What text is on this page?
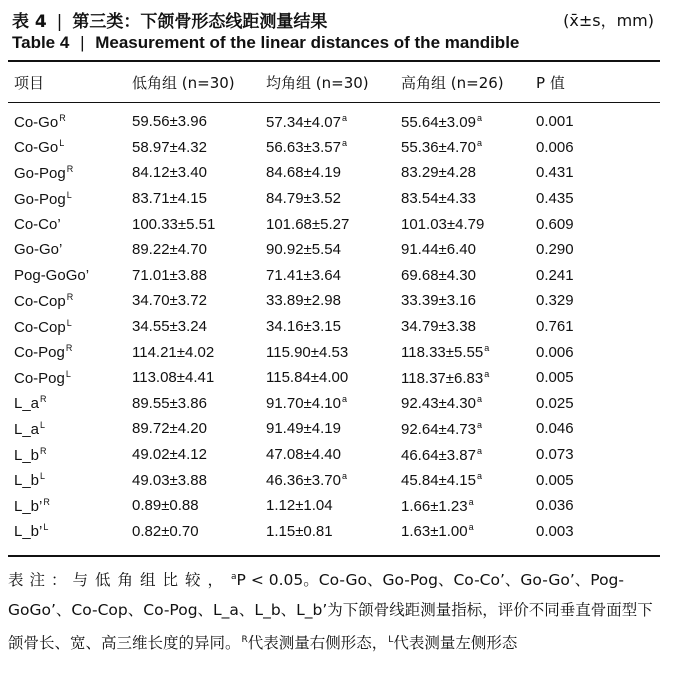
表 4 | 第三类：下颌骨形态线距测量结果	(x̄±s，mm)
Table 4 | Measurement of the linear distances of the mandible
项目	低角组 (n=30)	均角组 (n=30)	高角组 (n=26)	P 值
$Co-Go^R$	59.56±3.96	57.34±4.07$^a$	55.64±3.09$^a$	0.001
$Co-Go^L$	58.97±4.32	56.63±3.57$^a$	55.36±4.70$^a$	0.006
Go-Pog$^R$	84.12±3.40	84.68±4.19	83.29±4.28	0.431
Go-Pog$^L$	83.71±4.15	84.79±3.52	83.54±4.33	0.435
Co-Co’	100.33±5.51	101.68±5.27	101.03±4.79	0.609
Go-Go’	89.22±4.70	90.92±5.54	91.44±6.40	0.290
Pog-GoGo’	71.01±3.88	71.41±3.64	69.68±4.30	0.241
Co-Cop$^R$	34.70±3.72	33.89±2.98	33.39±3.16	0.329
Co-Cop$^L$	34.55±3.24	34.16±3.15	34.79±3.38	0.761
Co-Pog$^R$	114.21±4.02	115.90±4.53	118.33±5.55$^a$	0.006
Co-Pog$^L$	113.08±4.41	115.84±4.00	118.37±6.83$^a$	0.005
$L\_a^R$	89.55±3.86	91.70±4.10$^a$	92.43±4.30$^a$	0.025
$L\_a^L$	89.72±4.20	91.49±4.19	92.64±4.73$^a$	0.046
$L\_b^R$	49.02±4.12	47.08±4.40	46.64±3.87$^a$	0.073
$L\_b^L$	49.03±3.88	46.36±3.70$^a$	45.84±4.15$^a$	0.005
L_b’$^R$	0.89±0.88	1.12±1.04	1.66±1.23$^a$	0.036
L_b’$^L$	0.82±0.70	1.15±0.81	1.63±1.00$^a$	0.003
表注：与低角组比较，$^a$P < 0.05。Co-Go、Go-Pog、Co-Co’、Go-Go’、Pog-GoGo’、Co-Cop、Co-Pog、L_a、L_b、L_b’为下颌骨线距测量指标，评价不同垂直骨面型下颌骨长、宽、高三维长度的异同。$^R$代表测量右侧形态，$^L$代表测量左侧形态
